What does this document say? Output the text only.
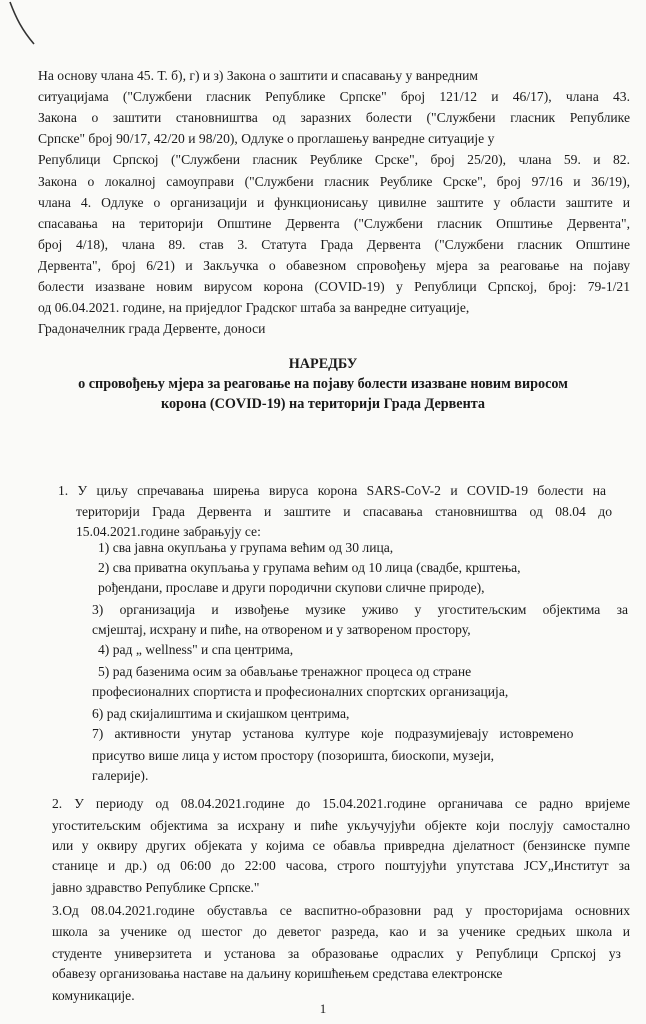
На основу члана 45. Т. б), г) и з) Закона о заштити и спасавању у ванредним
ситуацијама ("Службени гласник Републике Српске" број 121/12 и 46/17), члана 43.
Закона о заштити становништва од заразних болести ("Службени гласник Републике
Српске" број 90/17, 42/20 и 98/20), Одлуке о проглашењу ванредне ситуације у
Републици Српској ("Службени гласник Реублике Срске", број 25/20), члана 59. и 82.
Закона о локалној самоуправи ("Службени гласник Реублике Срске", број 97/16 и 36/19),
члана 4. Одлуке о организацији и функционисању цивилне заштите у области заштите и
спасавања на територији Општине Дервента ("Службени гласник Општиње Дервента",
број 4/18), члана 89. став 3. Статута Града Дервента ("Службени гласник Општине
Дервента", број 6/21) и Закључка о обавезном спровођењу мјера за реаговање на појаву
болести изазване новим вирусом корона (COVID-19) у Републици Српској, број: 79-1/21
од 06.04.2021. године, на приједлог Градског штаба за ванредне ситуације,
Градоначелник града Дервенте, доноси
НАРЕДБУ
о спровођењу мјера за реаговање на појаву болести изазване новим виросом
корона (COVID-19) на територији Града Дервента
1. У циљу спречавања ширења вируса корона SARS-CoV-2 и COVID-19 болести на
територији Града Дервента и заштите и спасавања становништва од 08.04 до
15.04.2021.године забрањују се:
1) сва јавна окупљања у групама већим од 30 лица,
2) сва приватна окупљања у групама већим од 10 лица (свадбе, крштења,
рођендани, прославе и други породични скупови сличне природе),
3) организација и извођење музике уживо у угоститељским објектима за
смјештај, исхрану и пиће, на отвореном и у затвореном простору,
4) рад „ wellness" и спа центрима,
5) рад базенима осим за обављање тренажног процеса од стране
професионалних спортиста и професионалних спортских организација,
6) рад скијалиштима и скијашком центрима,
7) активности унутар установа културе које подразумијевају истовремено
присутво више лица у истом простору (позоришта, биоскопи, музеји,
галерије).
2. У периоду од 08.04.2021.године до 15.04.2021.године органичава се радно вријеме
угоститељским објектима за исхрану и пиће укључујући објекте који послују самостално
или у оквиру других објеката у којима се обавља привредна дјелатност (бензинске пумпе
станице и др.) од 06:00 до 22:00 часова, строго поштујући упутстава ЈСУ„Институт за
јавно здравство Републике Српске."
3.Од 08.04.2021.године обуставља се васпитно-образовни рад у просторијама основних
школа за ученике од шестог до деветог разреда, као и за ученике средњих школа и
студенте универзитета и установа за образовање одраслих у Републици Српској уз
обавезу организовања наставе на даљину коришћењем средстава електронске
комуникације.
1
